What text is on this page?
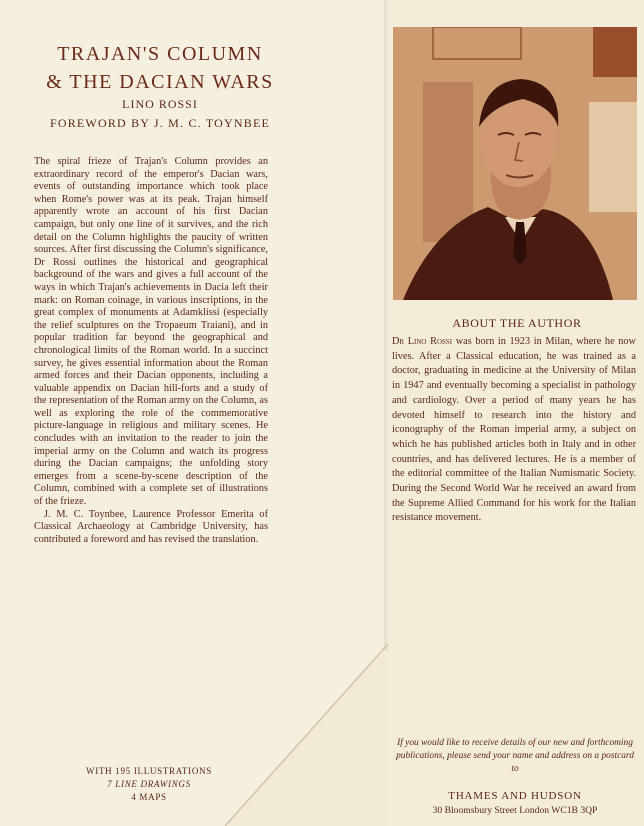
TRAJAN'S COLUMN
& THE DACIAN WARS
LINO ROSSI
FOREWORD BY J. M. C. TOYNBEE

The spiral frieze of Trajan's Column provides an extraordinary record of the emperor's Dacian wars, events of outstanding importance which took place when Rome's power was at its peak. Trajan himself apparently wrote an account of his first Dacian campaign, but only one line of it survives, and the rich detail on the Column highlights the paucity of written sources. After first discussing the Column's significance, Dr Rossi outlines the historical and geographical background of the wars and gives a full account of the ways in which Trajan's achievements in Dacia left their mark: on Roman coinage, in various inscriptions, in the great complex of monuments at Adamklissi (especially the relief sculptures on the Tropaeum Traiani), and in popular tradition far beyond the geographical and chronological limits of the Roman world. In a succinct survey, he gives essential information about the Roman armed forces and their Dacian opponents, including a valuable appendix on Dacian hill-forts and a study of the representation of the Roman army on the Column, as well as exploring the role of the commemorative picture-language in religious and military scenes. He concludes with an invitation to the reader to join the imperial army on the Column and watch its progress during the Dacian campaigns; the unfolding story emerges from a scene-by-scene description of the Column, combined with a complete set of illustrations of the frieze.

J. M. C. Toynbee, Laurence Professor Emerita of Classical Archaeology at Cambridge University, has contributed a foreword and has revised the translation.

WITH 195 ILLUSTRATIONS
7 LINE DRAWINGS
4 MAPS
ABOUT THE AUTHOR
Dr Lino Rossi was born in 1923 in Milan, where he now lives. After a Classical education, he was trained as a doctor, graduating in medicine at the University of Milan in 1947 and eventually becoming a specialist in pathology and cardiology. Over a period of many years he has devoted himself to research into the history and iconography of the Roman imperial army, a subject on which he has published articles both in Italy and in other countries, and has delivered lectures. He is a member of the editorial committee of the Italian Numismatic Society. During the Second World War he received an award from the Supreme Allied Command for his work for the Italian resistance movement.
If you would like to receive details of our new and forthcoming publications, please send your name and address on a postcard to
THAMES AND HUDSON
30 Bloomsbury Street London WC1B 3QP
